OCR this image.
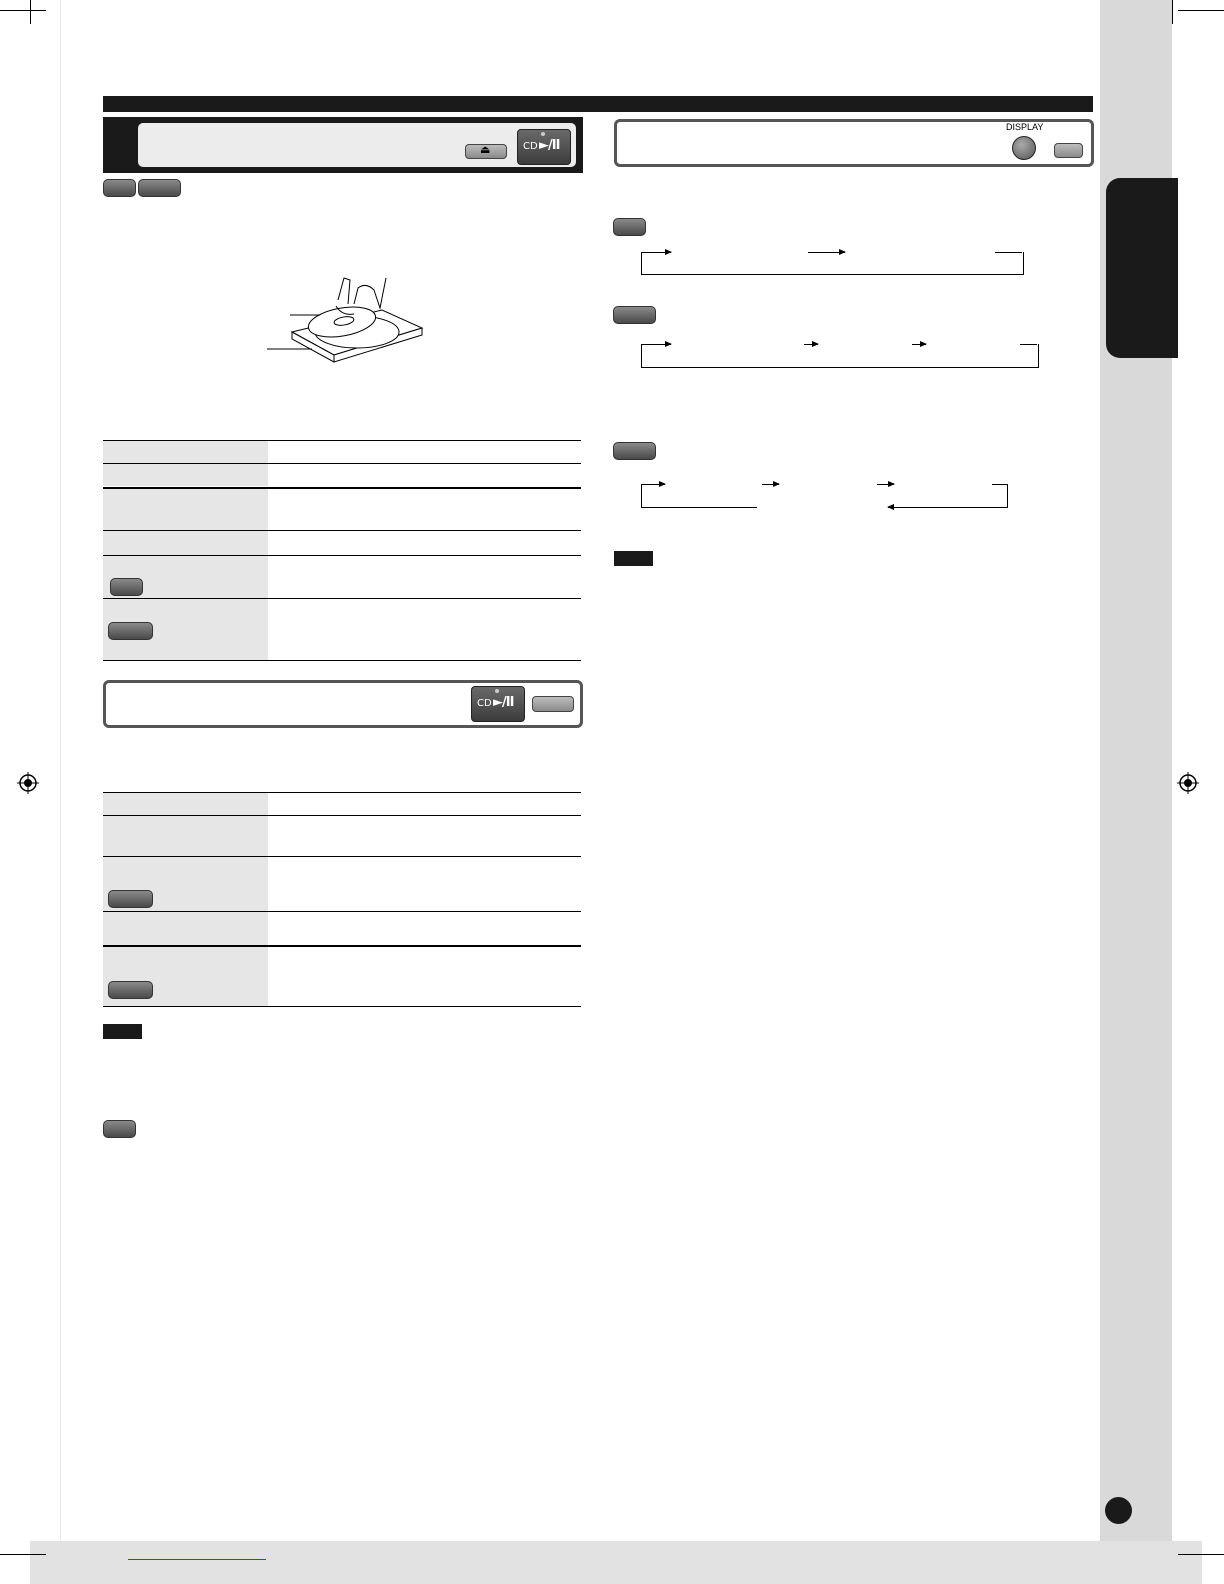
⏏	CD ►/II
CD ►/II
DISPLAY
